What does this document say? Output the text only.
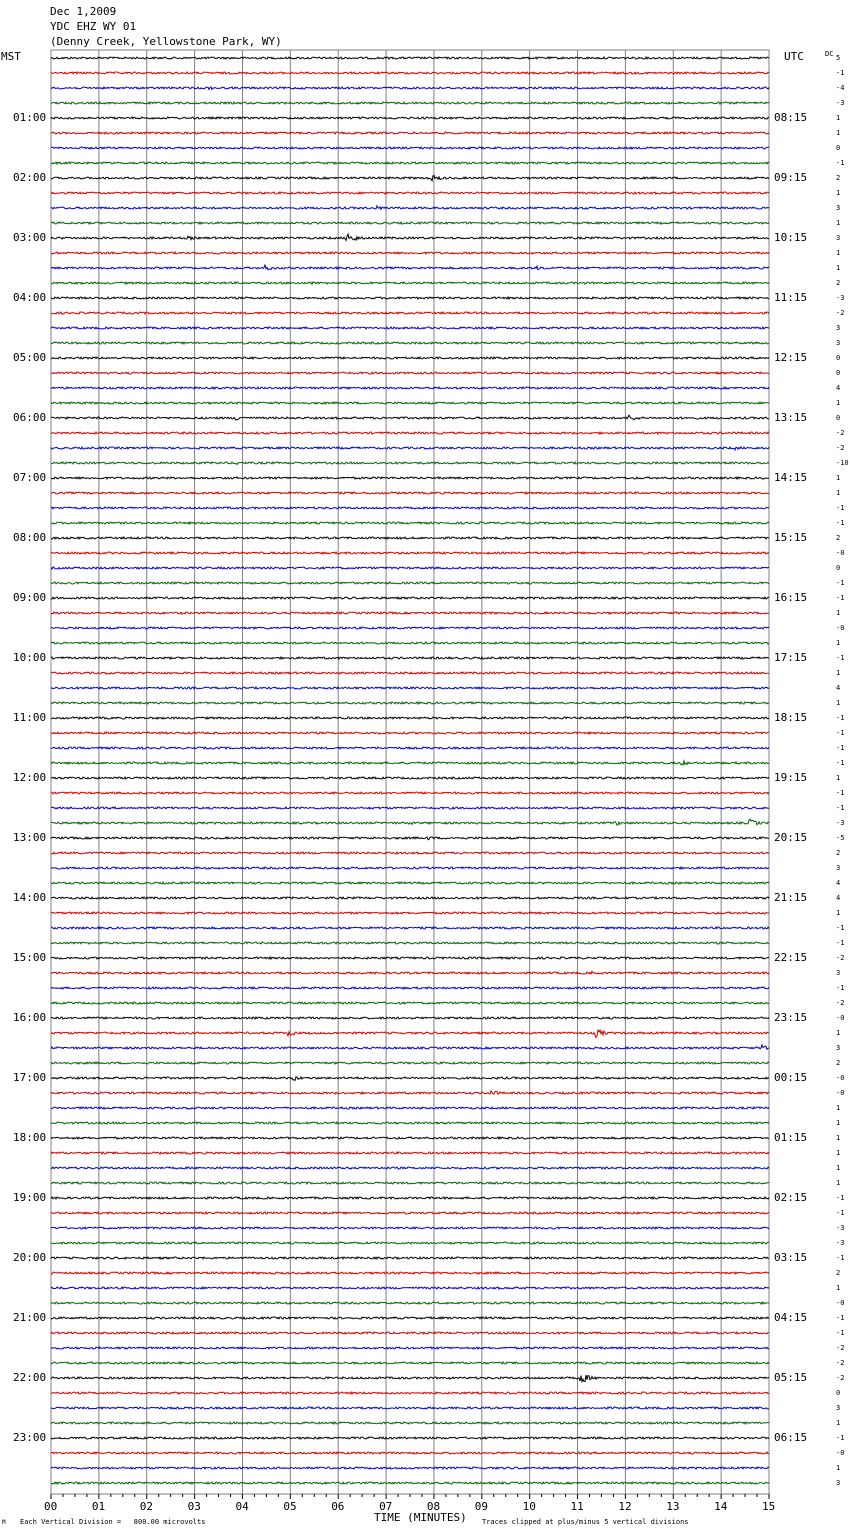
Dec 1,2009
YDC EHZ WY 01
(Denny Creek, Yellowstone Park, WY)
MST	UTC	DC 5
-1
-4
-3
1
1
0
-1
2
1
3
1
3
1
1
2
-3
-2
3
3
0
0
4
1
0
-2
-2
-10
1
1
-1
-1
2
-0
0
-1
-1
1
-0
1
-1
1
4
1
-1
-1
-1
-1
1
-1
-1
-3
-5
2
3
4
4
1
-1
-1
-2
3
-1
-2
-0
1
3
2
-0
-0
1
1
1
1
1
1
-1
-1
-3
-3
-1
2
1
-0
-1
-1
-2
-2
-2
0
3
1
-1
-0
1
3
01:00	08:15
02:00	09:15
03:00	10:15
04:00	11:15
05:00	12:15
06:00	13:15
07:00	14:15
08:00	15:15
09:00	16:15
10:00	17:15
11:00	18:15
12:00	19:15
13:00	20:15
14:00	21:15
15:00	22:15
16:00	23:15
17:00	00:15
18:00	01:15
19:00	02:15
20:00	03:15
21:00	04:15
22:00	05:15
23:00	06:15
00	01	02	03	04	05	06	07	08	09	10	11	12	13	14	15
Each Vertical Division =   800.00 microvolts
M	TIME (MINUTES) Traces clipped at plus/minus 5 vertical divisions
